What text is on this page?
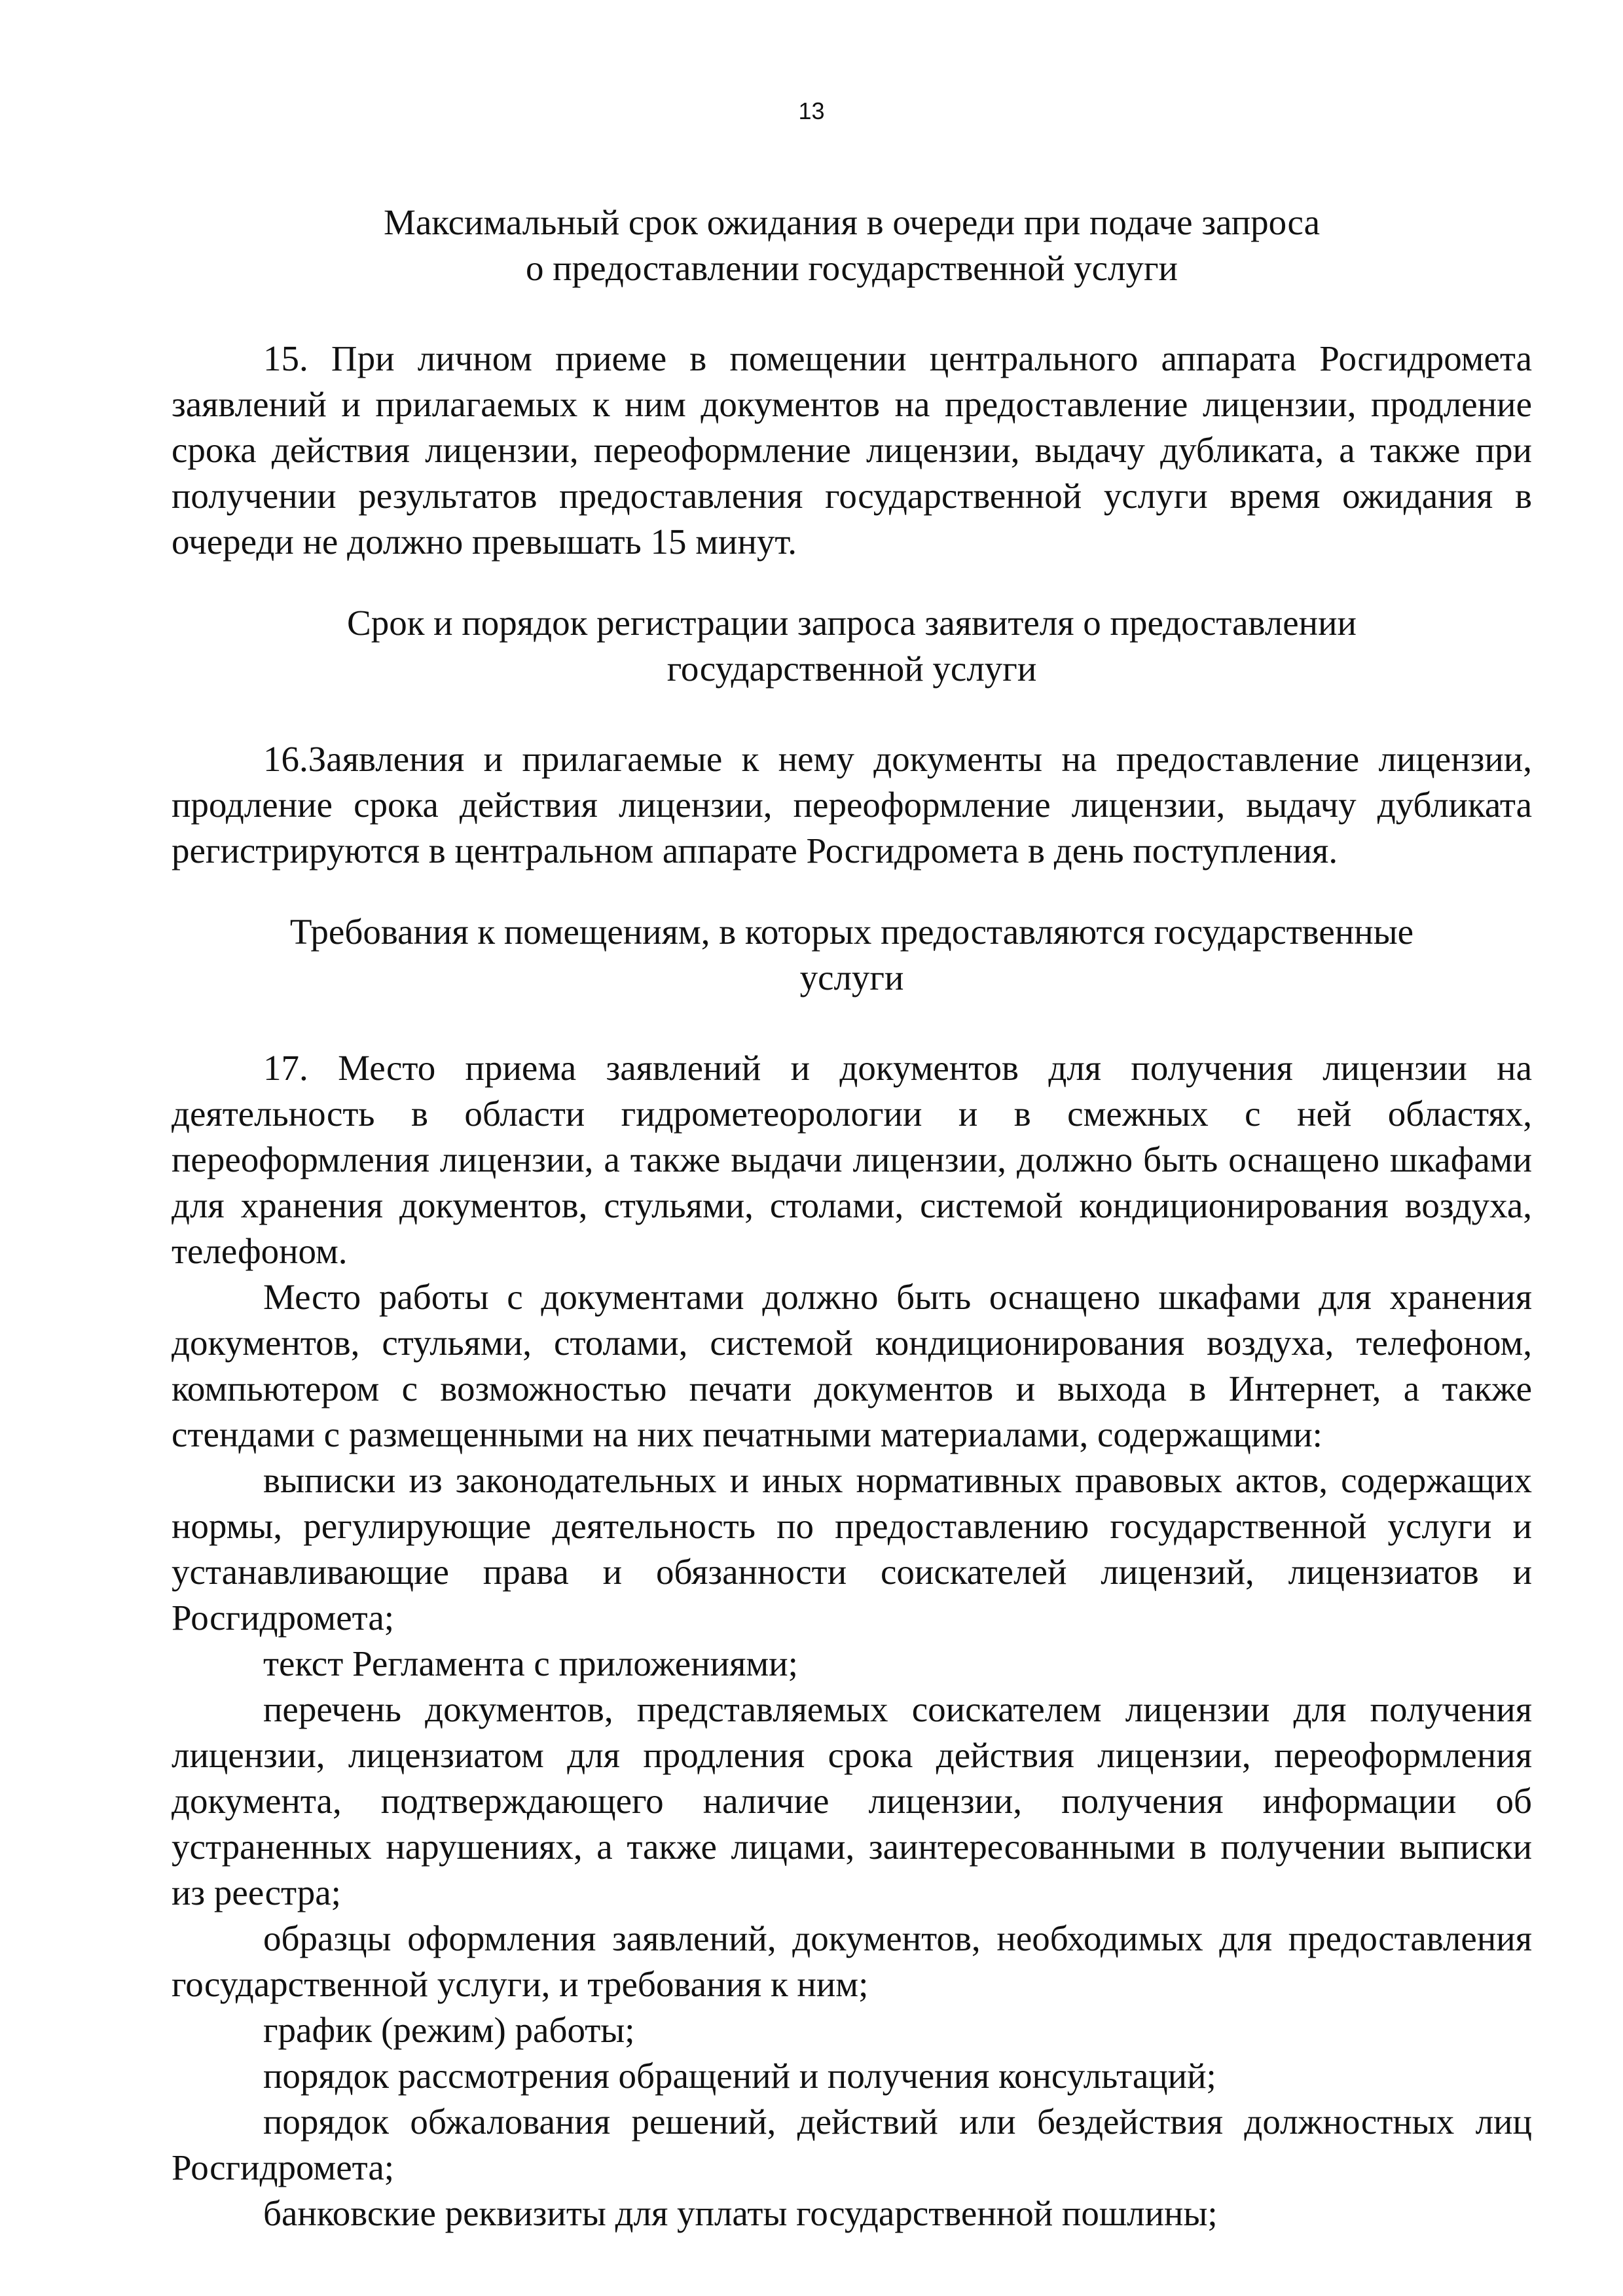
13
Максимальный срок ожидания в очереди при подаче запроса
о предоставлении государственной услуги

15. При личном приеме в помещении центрального аппарата Росгидромета заявлений и прилагаемых к ним документов на предоставление лицензии, продление срока действия лицензии, переоформление лицензии, выдачу дубликата, а также при получении результатов предоставления государственной услуги время ожидания в очереди не должно превышать 15 минут.

Срок и порядок регистрации запроса заявителя о предоставлении
государственной услуги

16.Заявления и прилагаемые к нему документы на предоставление лицензии, продление срока действия лицензии, переоформление лицензии, выдачу дубликата регистрируются в центральном аппарате Росгидромета в день поступления.

Требования к помещениям, в которых предоставляются государственные
услуги

17. Место приема заявлений и документов для получения лицензии на деятельность в области гидрометеорологии и в смежных с ней областях, переоформления лицензии, а также выдачи лицензии, должно быть оснащено шкафами для хранения документов, стульями, столами, системой кондиционирования воздуха, телефоном.

Место работы с документами должно быть оснащено шкафами для хранения документов, стульями, столами, системой кондиционирования воздуха, телефоном, компьютером с возможностью печати документов и выхода в Интернет, а также стендами с размещенными на них печатными материалами, содержащими:

выписки из законодательных и иных нормативных правовых актов, содержащих нормы, регулирующие деятельность по предоставлению государственной услуги и устанавливающие права и обязанности соискателей лицензий, лицензиатов и Росгидромета;

текст Регламента с приложениями;

перечень документов, представляемых соискателем лицензии для получения лицензии, лицензиатом для продления срока действия лицензии, переоформления документа, подтверждающего наличие лицензии, получения информации об устраненных нарушениях, а также лицами, заинтересованными в получении выписки из реестра;

образцы оформления заявлений, документов, необходимых для предоставления государственной услуги, и требования к ним;

график (режим) работы;

порядок рассмотрения обращений и получения консультаций;

порядок обжалования решений, действий или бездействия должностных лиц Росгидромета;

банковские реквизиты для уплаты государственной пошлины;
